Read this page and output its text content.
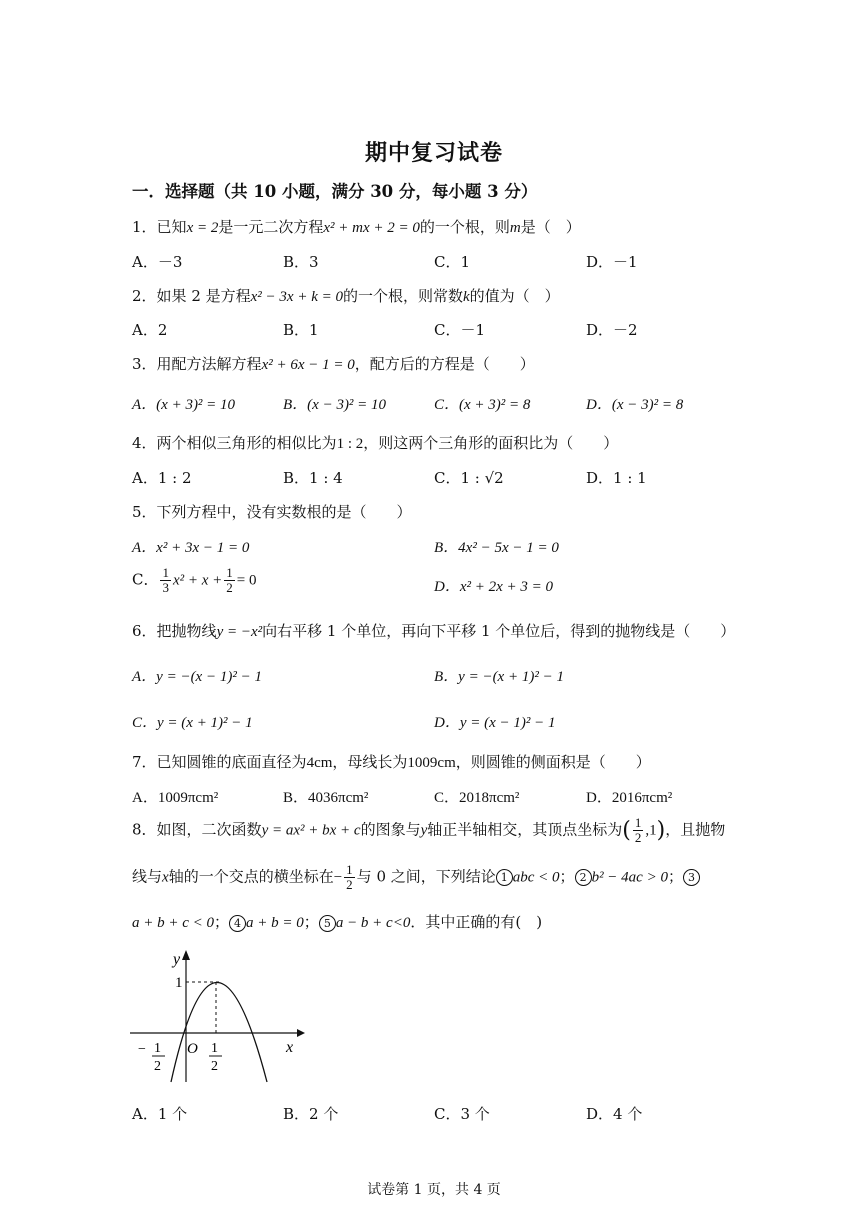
期中复习试卷
一．选择题（共 10 小题，满分 30 分，每小题 3 分）
1．已知x = 2是一元二次方程x² + mx + 2 = 0的一个根，则m是（　）
A．－3	B．3	C．1	D．－1
2．如果 2 是方程x² − 3x + k = 0的一个根，则常数k的值为（　）
A．2	B．1	C．－1	D．－2
3．用配方法解方程x² + 6x − 1 = 0，配方后的方程是（　　）
A．(x + 3)² = 10	B．(x − 3)² = 10	C．(x + 3)² = 8	D．(x − 3)² = 8
4．两个相似三角形的相似比为1 : 2，则这两个三角形的面积比为（　　）
A．1 : 2	B．1 : 4	C．1 : √2	D．1 : 1
5．下列方程中，没有实数根的是（　　）
A．x² + 3x − 1 = 0	B．4x² − 5x − 1 = 0
C． $\frac{1}{3} x^2 + x + \frac{1}{2} = 0$	D．x² + 2x + 3 = 0
6．把抛物线y = −x²向右平移 1 个单位，再向下平移 1 个单位后，得到的抛物线是（　　）
A．y = −(x − 1)² − 1	B．y = −(x + 1)² − 1
C．y = (x + 1)² − 1	D．y = (x − 1)² − 1
7．已知圆锥的底面直径为4cm，母线长为1009cm，则圆锥的侧面积是（　　）
A．1009πcm²	B．4036πcm²	C．2018πcm²	D．2016πcm²
8．如图，二次函数y = ax² + bx + c的图象与y轴正半轴相交，其顶点坐标为( $\frac{1}{2} ,1$)，且抛物
线与x轴的一个交点的横坐标在− $\frac{1}{2}$ 与 0 之间，下列结论 1 abc < 0； 2 b² − 4ac > 0； 3
a + b + c < 0； 4 a + b = 0； 5 a − b + c<0．其中正确的有(　)
y
x
O
1
1
2
− 1
2
A．1 个	B．2 个	C．3 个	D．4 个
试卷第 1 页，共 4 页
